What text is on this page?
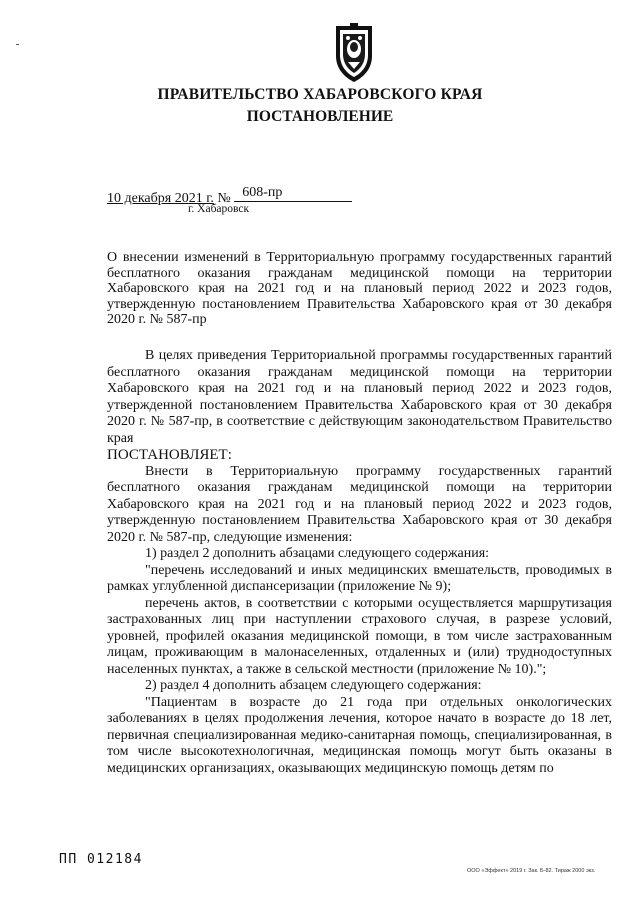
ПРАВИТЕЛЬСТВО ХАБАРОВСКОГО КРАЯ
ПОСТАНОВЛЕНИЕ
10 декабря 2021 г. № 608-пр
г. Хабаровск
О внесении изменений в Территориальную программу государственных гарантий бесплатного оказания гражданам медицинской помощи на территории Хабаровского края на 2021 год и на плановый период 2022 и 2023 годов, утвержденную постановлением Правительства Хабаровского края от 30 декабря 2020 г. № 587-пр

В целях приведения Территориальной программы государственных гарантий бесплатного оказания гражданам медицинской помощи на территории Хабаровского края на 2021 год и на плановый период 2022 и 2023 годов, утвержденной постановлением Правительства Хабаровского края от 30 декабря 2020 г. № 587-пр, в соответствие с действующим законодательством Правительство края

ПОСТАНОВЛЯЕТ:

Внести в Территориальную программу государственных гарантий бесплатного оказания гражданам медицинской помощи на территории Хабаровского края на 2021 год и на плановый период 2022 и 2023 годов, утвержденную постановлением Правительства Хабаровского края от 30 декабря 2020 г. № 587-пр, следующие изменения:

1) раздел 2 дополнить абзацами следующего содержания:

"перечень исследований и иных медицинских вмешательств, проводимых в рамках углубленной диспансеризации (приложение № 9);

перечень актов, в соответствии с которыми осуществляется маршрутизация застрахованных лиц при наступлении страхового случая, в разрезе условий, уровней, профилей оказания медицинской помощи, в том числе застрахованным лицам, проживающим в малонаселенных, отдаленных и (или) труднодоступных населенных пунктах, а также в сельской местности (приложение № 10).";

2) раздел 4 дополнить абзацем следующего содержания:

"Пациентам в возрасте до 21 года при отдельных онкологических заболеваниях в целях продолжения лечения, которое начато в возрасте до 18 лет, первичная специализированная медико-санитарная помощь, специализированная, в том числе высокотехнологичная, медицинская помощь могут быть оказаны в медицинских организациях, оказывающих медицинскую помощь детям по

ПП 012184
ООО «Эффект» 2019 г. Зак. Б-82. Тираж 2000 экз.
